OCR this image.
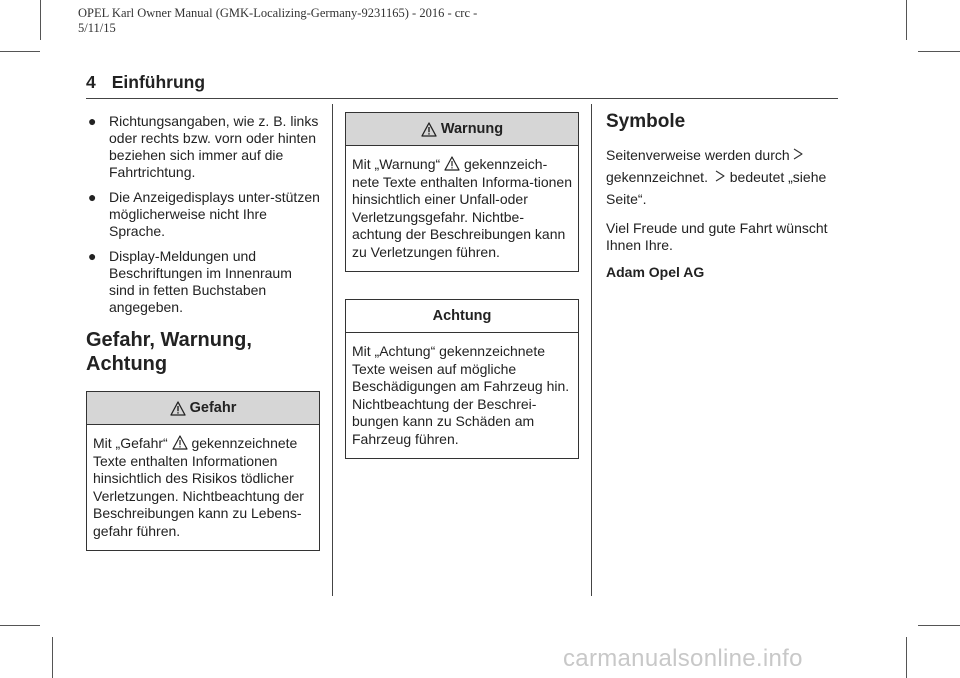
OPEL Karl Owner Manual (GMK-Localizing-Germany-9231165) - 2016 - crc -
5/11/15
4 Einführung
● Richtungsangaben, wie z. B. links oder rechts bzw. vorn oder hinten beziehen sich immer auf die Fahrtrichtung.
● Die Anzeigedisplays unter-stützen möglicherweise nicht Ihre Sprache.
● Display-Meldungen und Beschriftungen im Innenraum sind in fetten Buchstaben angegeben.
Gefahr, Warnung,
Achtung
Gefahr
Mit „Gefahr“ gekennzeichnete Texte enthalten Informationen hinsichtlich des Risikos tödlicher Verletzungen. Nichtbeachtung der Beschreibungen kann zu Lebens-gefahr führen.
Warnung
Mit „Warnung“ gekennzeich- nete Texte enthalten Informa-tionen hinsichtlich einer Unfall-oder Verletzungsgefahr. Nichtbe-achtung der Beschreibungen kann zu Verletzungen führen.
Achtung
Mit „Achtung“ gekennzeichnete Texte weisen auf mögliche Beschädigungen am Fahrzeug hin. Nichtbeachtung der Beschrei-bungen kann zu Schäden am Fahrzeug führen.
Symbole
Seitenverweise werden durch
gekennzeichnet. bedeutet „siehe Seite“.
Viel Freude und gute Fahrt wünscht Ihnen Ihre.
Adam Opel AG
carmanualsonline.info
